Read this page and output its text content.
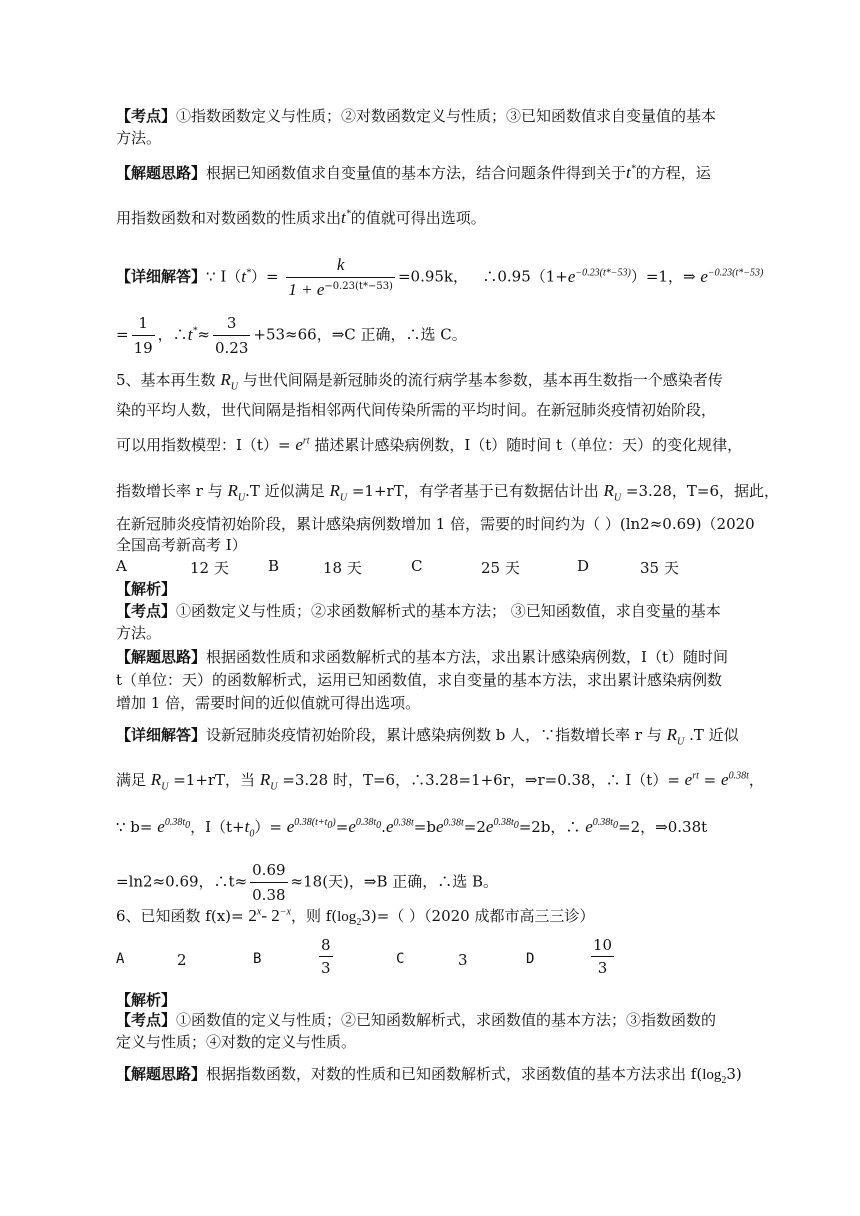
【考点】①指数函数定义与性质；②对数函数定义与性质；③已知函数值求自变量值的基本
方法。
【解题思路】根据已知函数值求自变量值的基本方法，结合问题条件得到关于t*的方程，运
用指数函数和对数函数的性质求出t*的值就可得出选项。
【详细解答】∵ $I(t^*)= \frac{k}{1 + e^{-0.23(t*-53)}} =0.95k$， $\therefore 0.95(1+e^{-0.23(t*-53)})=1$，⇒ $e^{-0.23(t*-53)}$
= $\frac{1}{19}$ ，∴t*≈ $\frac{3}{0.23} +53\approx 66$，⇒C 正确，∴选 C。
5、基本再生数 $R_U$ 与世代间隔是新冠肺炎的流行病学基本参数，基本再生数指一个感染者传
染的平均人数，世代间隔是指相邻两代间传染所需的平均时间。在新冠肺炎疫情初始阶段，
可以用指数模型：$I(t)= e^{rt}$ 描述累计感染病例数，I（t）随时间 t（单位：天）的变化规律，
指数增长率 r 与 $R_U.T$ 近似满足 $R_U =1+rT$，有学者基于已有数据估计出 $R_U =3.28$，T=6，据此，
在新冠肺炎疫情初始阶段，累计感染病例数增加 1 倍，需要的时间约为（ ）(ln2≈0.69)（2020
全国高考新高考 I）
A	12 天	B	18 天	C	25 天	D	35 天
【解析】
【考点】①函数定义与性质；②求函数解析式的基本方法； ③已知函数值，求自变量的基本
方法。
【解题思路】根据函数性质和求函数解析式的基本方法，求出累计感染病例数，I（t）随时间
t（单位：天）的函数解析式，运用已知函数值，求自变量的基本方法，求出累计感染病例数
增加 1 倍，需要时间的近似值就可得出选项。
【详细解答】设新冠肺炎疫情初始阶段，累计感染病例数 b 人，∵指数增长率 r 与 $R_U$ .T 近似
满足 $R_U =1+rT$，当 $R_U =3.28$ 时，T=6，∴3.28=1+6r，⇒r=0.38，∴ $I(t)= e^{rt} = e^{0.38t}$，
∵ $b= e^{0.38t_0}$，$I(t+t_0)= e^{0.38(t+t_0)}=e^{0.38t_0}.e^{0.38t}=be^{0.38t}=2e^{0.38t_0}=2b$，∴ $e^{0.38t_0}=2$，⇒0.38t
=ln2≈0.69，∴t≈ $\frac{0.69}{0.38} \approx 18$(天)，⇒B 正确，∴选 B。
6、已知函数 $f(x)= 2^x-$ $2^{-x}$，则 $f(\log_23)=$（ ）（2020 成都市高三三诊）
A	2	B	$\frac{8}{3}$	C	3	D	$\frac{10}{3}$
【解析】
【考点】①函数值的定义与性质；②已知函数解析式，求函数值的基本方法；③指数函数的
定义与性质；④对数的定义与性质。
【解题思路】根据指数函数，对数的性质和已知函数解析式，求函数值的基本方法求出 $f(\log_23)$
